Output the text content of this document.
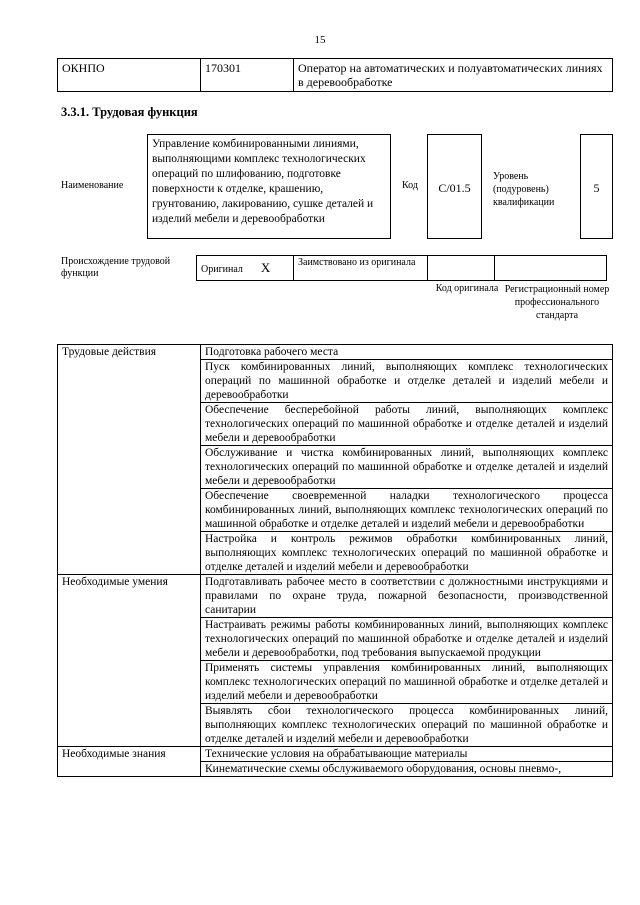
15
ОКНПО	170301	Оператор на автоматических и полуавтоматических линиях в деревообработке
3.3.1. Трудовая функция
Наименование
Управление комбинированными линиями, выполняющими комплекс технологических операций по шлифованию, подготовке поверхности к отделке, крашению, грунтованию, лакированию, сушке деталей и изделий мебели и деревообработки
Код	C/01.5
Уровень (подуровень) квалификации
5
Происхождение трудовой функции	Оригинал X	Заимствовано из оригинала		
Код оригинала Регистрационный номер профессионального стандарта
Трудовые действия	Подготовка рабочего места
	Пуск комбинированных линий, выполняющих комплекс технологических операций по машинной обработке и отделке деталей и изделий мебели и деревообработки
	Обеспечение бесперебойной работы линий, выполняющих комплекс технологических операций по машинной обработке и отделке деталей и изделий мебели и деревообработки
	Обслуживание и чистка комбинированных линий, выполняющих комплекс технологических операций по машинной обработке и отделке деталей и изделий мебели и деревообработки
	Обеспечение своевременной наладки технологического процесса комбинированных линий, выполняющих комплекс технологических операций по машинной обработке и отделке деталей и изделий мебели и деревообработки
	Настройка и контроль режимов обработки комбинированных линий, выполняющих комплекс технологических операций по машинной обработке и отделке деталей и изделий мебели и деревообработки
Необходимые умения	Подготавливать рабочее место в соответствии с должностными инструкциями и правилами по охране труда, пожарной безопасности, производственной санитарии
	Настраивать режимы работы комбинированных линий, выполняющих комплекс технологических операций по машинной обработке и отделке деталей и изделий мебели и деревообработки, под требования выпускаемой продукции
	Применять системы управления комбинированных линий, выполняющих комплекс технологических операций по машинной обработке и отделке деталей и изделий мебели и деревообработки
	Выявлять сбои технологического процесса комбинированных линий, выполняющих комплекс технологических операций по машинной обработке и отделке деталей и изделий мебели и деревообработки
Необходимые знания	Технические условия на обрабатывающие материалы
	Кинематические схемы обслуживаемого оборудования, основы пневмо-,
